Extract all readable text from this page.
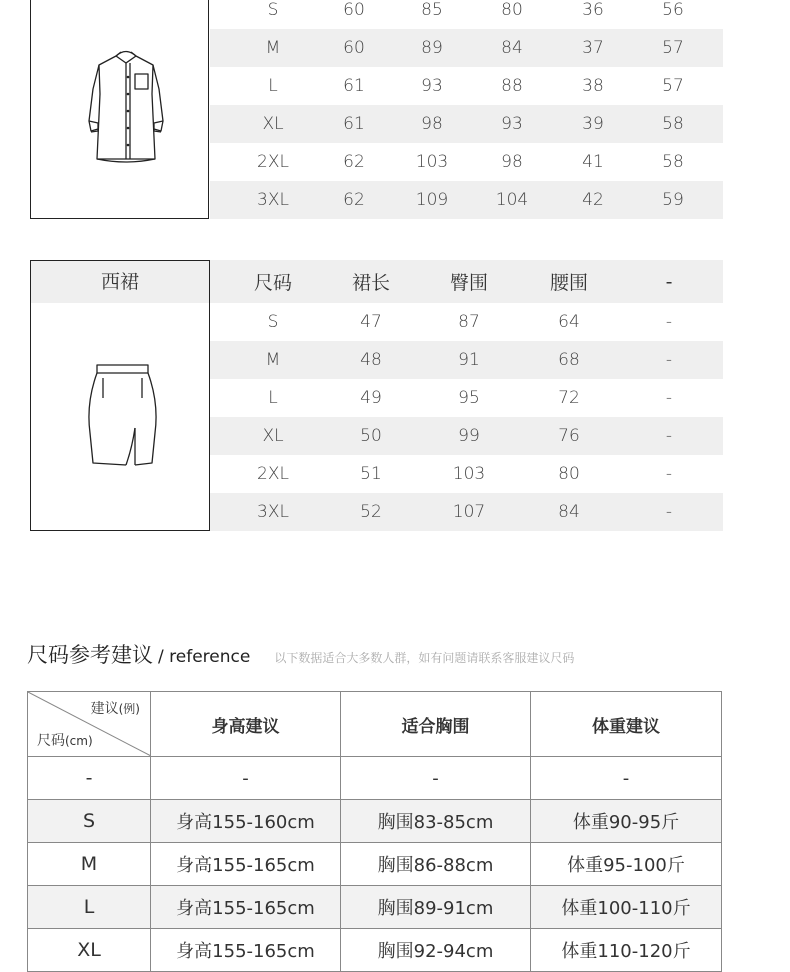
S	60	85	80	36	56
M	60	89	84	37	57
L	61	93	88	38	57
XL	61	98	93	39	58
2XL	62	103	98	41	58
3XL	62	109	104	42	59
西裙	尺码	裙长	臀围	腰围	-
S	47	87	64	-
M	48	91	68	-
L	49	95	72	-
XL	50	99	76	-
2XL	51	103	80	-
3XL	52	107	84	-
尺码参考建议 / reference 以下数据适合大多数人群，如有问题请联系客服建议尺码
建议(例)
尺码(cm)	身高建议	适合胸围	体重建议
-	-	-	-
S	身高155-160cm	胸围83-85cm	体重90-95斤
M	身高155-165cm	胸围86-88cm	体重95-100斤
L	身高155-165cm	胸围89-91cm	体重100-110斤
XL	身高155-165cm	胸围92-94cm	体重110-120斤
